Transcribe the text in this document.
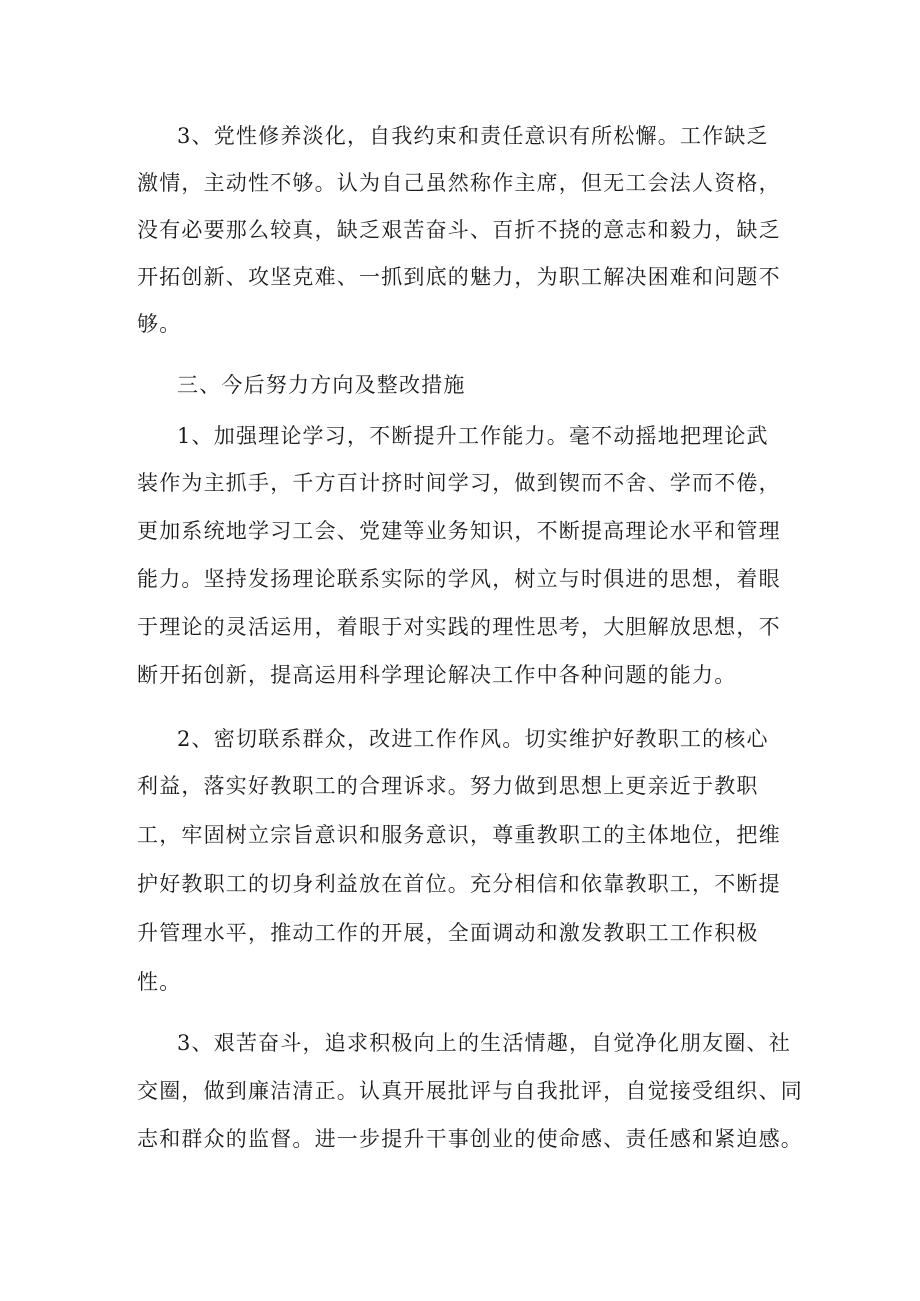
3、党性修养淡化，自我约束和责任意识有所松懈。工作缺乏
激情，主动性不够。认为自己虽然称作主席，但无工会法人资格，
没有必要那么较真，缺乏艰苦奋斗、百折不挠的意志和毅力，缺乏
开拓创新、攻坚克难、一抓到底的魅力，为职工解决困难和问题不
够。
三、今后努力方向及整改措施
1、加强理论学习，不断提升工作能力。毫不动摇地把理论武
装作为主抓手，千方百计挤时间学习，做到锲而不舍、学而不倦，
更加系统地学习工会、党建等业务知识，不断提高理论水平和管理
能力。坚持发扬理论联系实际的学风，树立与时俱进的思想，着眼
于理论的灵活运用，着眼于对实践的理性思考，大胆解放思想，不
断开拓创新，提高运用科学理论解决工作中各种问题的能力。
2、密切联系群众，改进工作作风。切实维护好教职工的核心
利益，落实好教职工的合理诉求。努力做到思想上更亲近于教职
工，牢固树立宗旨意识和服务意识，尊重教职工的主体地位，把维
护好教职工的切身利益放在首位。充分相信和依靠教职工，不断提
升管理水平，推动工作的开展，全面调动和激发教职工工作积极
性。
3、艰苦奋斗，追求积极向上的生活情趣，自觉净化朋友圈、社
交圈，做到廉洁清正。认真开展批评与自我批评，自觉接受组织、同
志和群众的监督。进一步提升干事创业的使命感、责任感和紧迫感。
